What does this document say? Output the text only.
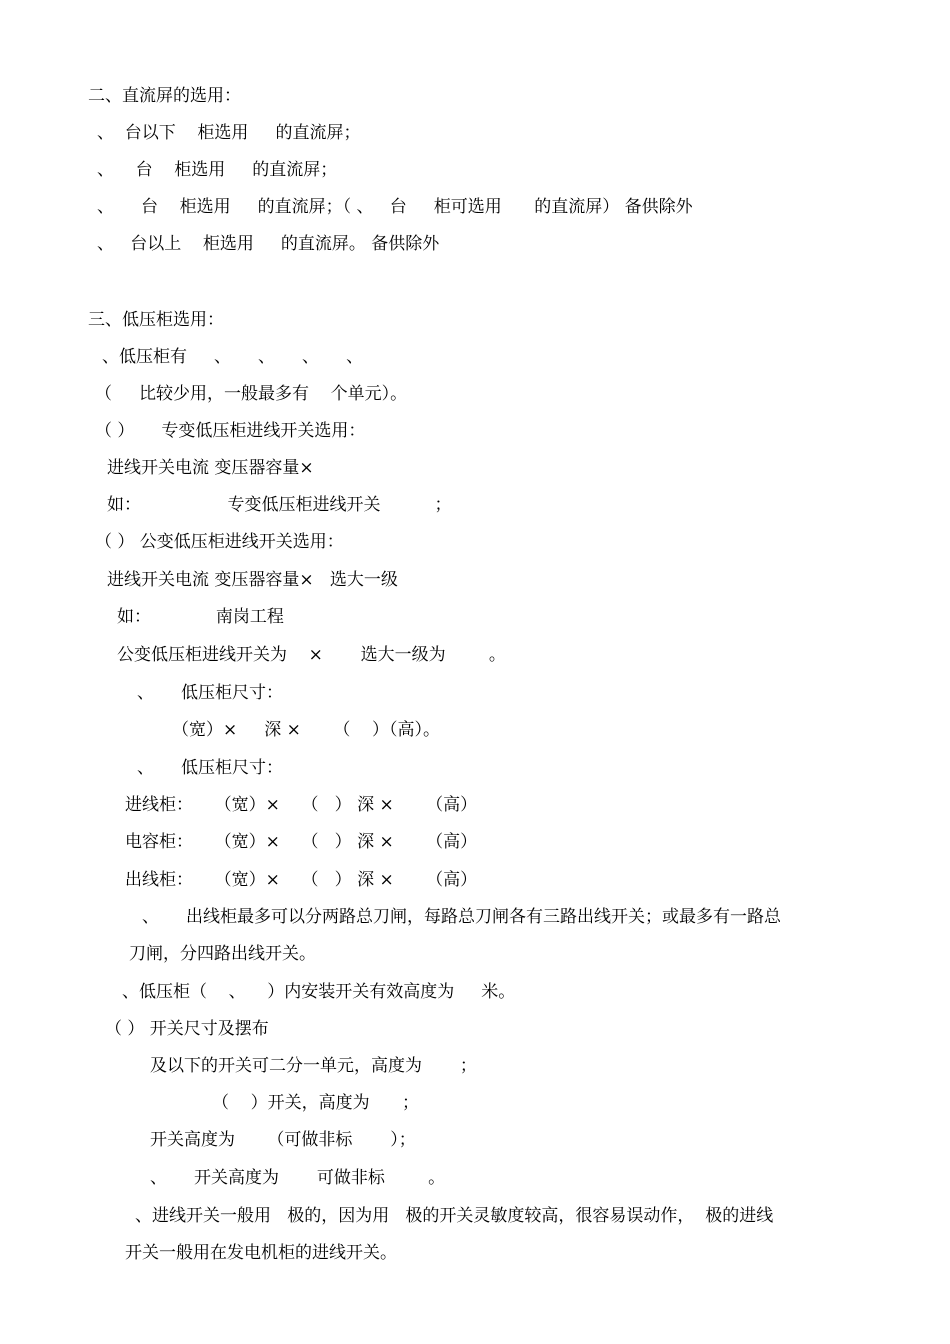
二、直流屏的选用：

、  台以下    柜选用     的直流屏；

、    台    柜选用     的直流屏；

、     台    柜选用     的直流屏；（ 、   台     柜可选用      的直流屏） 备供除外

、   台以上    柜选用     的直流屏。 备供除外

三、低压柜选用：

、低压柜有     、     、     、     、

（     比较少用，一般最多有    个单元）。

（ ）     专变低压柜进线开关选用：

进线开关电流 变压器容量×

如：                专变低压柜进线开关          ；

（ ） 公变低压柜进线开关选用：

进线开关电流 变压器容量×   选大一级

如：            南岗工程

公变低压柜进线开关为    ×       选大一级为        。

、     低压柜尺寸：

（宽）×     深 ×      （    ）（高）。

、     低压柜尺寸：

进线柜：    （宽）×    （   ） 深 ×      （高）

电容柜：    （宽）×    （   ） 深 ×      （高）

出线柜：    （宽）×    （   ） 深 ×      （高）

、     出线柜最多可以分两路总刀闸，每路总刀闸各有三路出线开关；或最多有一路总

刀闸，分四路出线开关。

、低压柜（    、    ）内安装开关有效高度为     米。

（ ） 开关尺寸及摆布

及以下的开关可二分一单元，高度为       ；

（    ）开关，高度为      ；

开关高度为      （可做非标       ）；

、     开关高度为       可做非标        。

、进线开关一般用   极的，因为用   极的开关灵敏度较高，很容易误动作，  极的进线

开关一般用在发电机柜的进线开关。
